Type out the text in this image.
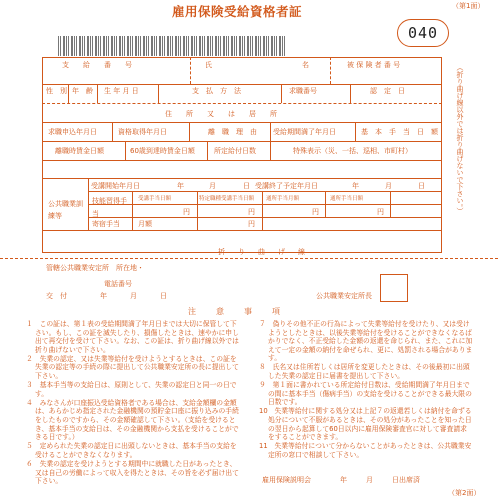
（第1面）
雇用保険受給資格者証
040
支　　給　　番　　号	氏	名	被 保 険 者 番 号
性　別 年　齢 生 年 月 日	支　払　方　法	求職番号	認　定　日
住　　所　　又　　は　　居　　所
求職申込年月日	資格取得年月日	離　職　理　由 受給期間満了年月日	基　本　手　当　日　額
離職時賃金日額	60歳到達時賃金日額	所定給付日数	特殊表示（災、一括、巡相、市町村）
公共職業訓練等
受講開始年月日	年	月	日 受講終了予定年月日	年	月	日
技能習得手当
受講手当日額	特定職種受講手当日額 通所手当月額	通所手当日額
円	円	円	円
寄宿手当	月額	円
（折り曲げ線以外では折り曲げないで下さい。）
折　り　曲　げ　線
管轄公共職業安定所　所在地・
電話番号
交　付	年	月	日	公共職業安定所長
注　意　事　項

１　この証は、第１表の受給期間満了年月日までは大切に保管して下さい。もし、この証を滅失したり、損傷したときは、速やかに申し出て再交付を受けて下さい。なお、この証は、折り曲げ線以外では折り曲げないで下さい。

２　失業の認定、又は失業等給付を受けようとするときは、この証を失業の認定等の手続の際に提出して公共職業安定所の長に提出して下さい。

３　基本手当等の支給日は、原則として、失業の認定日と同一の日です。

４　みなさんが口座振込受給資格者である場合は、支給金額欄の金額は、あらかじめ指定された金融機関の預貯金口座に振り込みの手続をしたものですから、その金額確認して下さい。（支給を受けるとき、基本手当の支給日は、その金融機関から支払を受けることができる日です。）

５　定められた失業の認定日に出頭しないときは、基本手当の支給を受けることができなくなります。

６　失業の認定を受けようとする期間中に就職した日があったとき、又は自己の労働によって収入を得たときは、その旨を必ず届け出て下さい。

７　偽りその他不正の行為によって失業等給付を受けたり、又は受けようとしたときは、以後失業等給付を受けることができなくなるばかりでなく、不正受給した金額の返還を命じられ、また、これに加えて一定の金額の納付を命ぜられ、更に、処罰される場合があります。

８　氏名又は住所若しくは居所を変更したときは、その後最初に出頭した失業の認定日に届書を提出して下さい。

９　第１面に書かれている所定給付日数は、受給期間満了年月日までの間に基本手当（傷病手当）の支給を受けることができる最大限の日数です。

10　失業等給付に関する処分又は上記７の返還若しくは納付を命ずる処分について不服があるときは、その処分があったことを知った日の翌日から起算して60日以内に雇用保険審査官に対して審査請求をすることができます。

11　失業等給付について分からないことがあったときは、公共職業安定所の窓口で相談して下さい。

雇用保険説明会	年	月	日出席済
（第2面）
